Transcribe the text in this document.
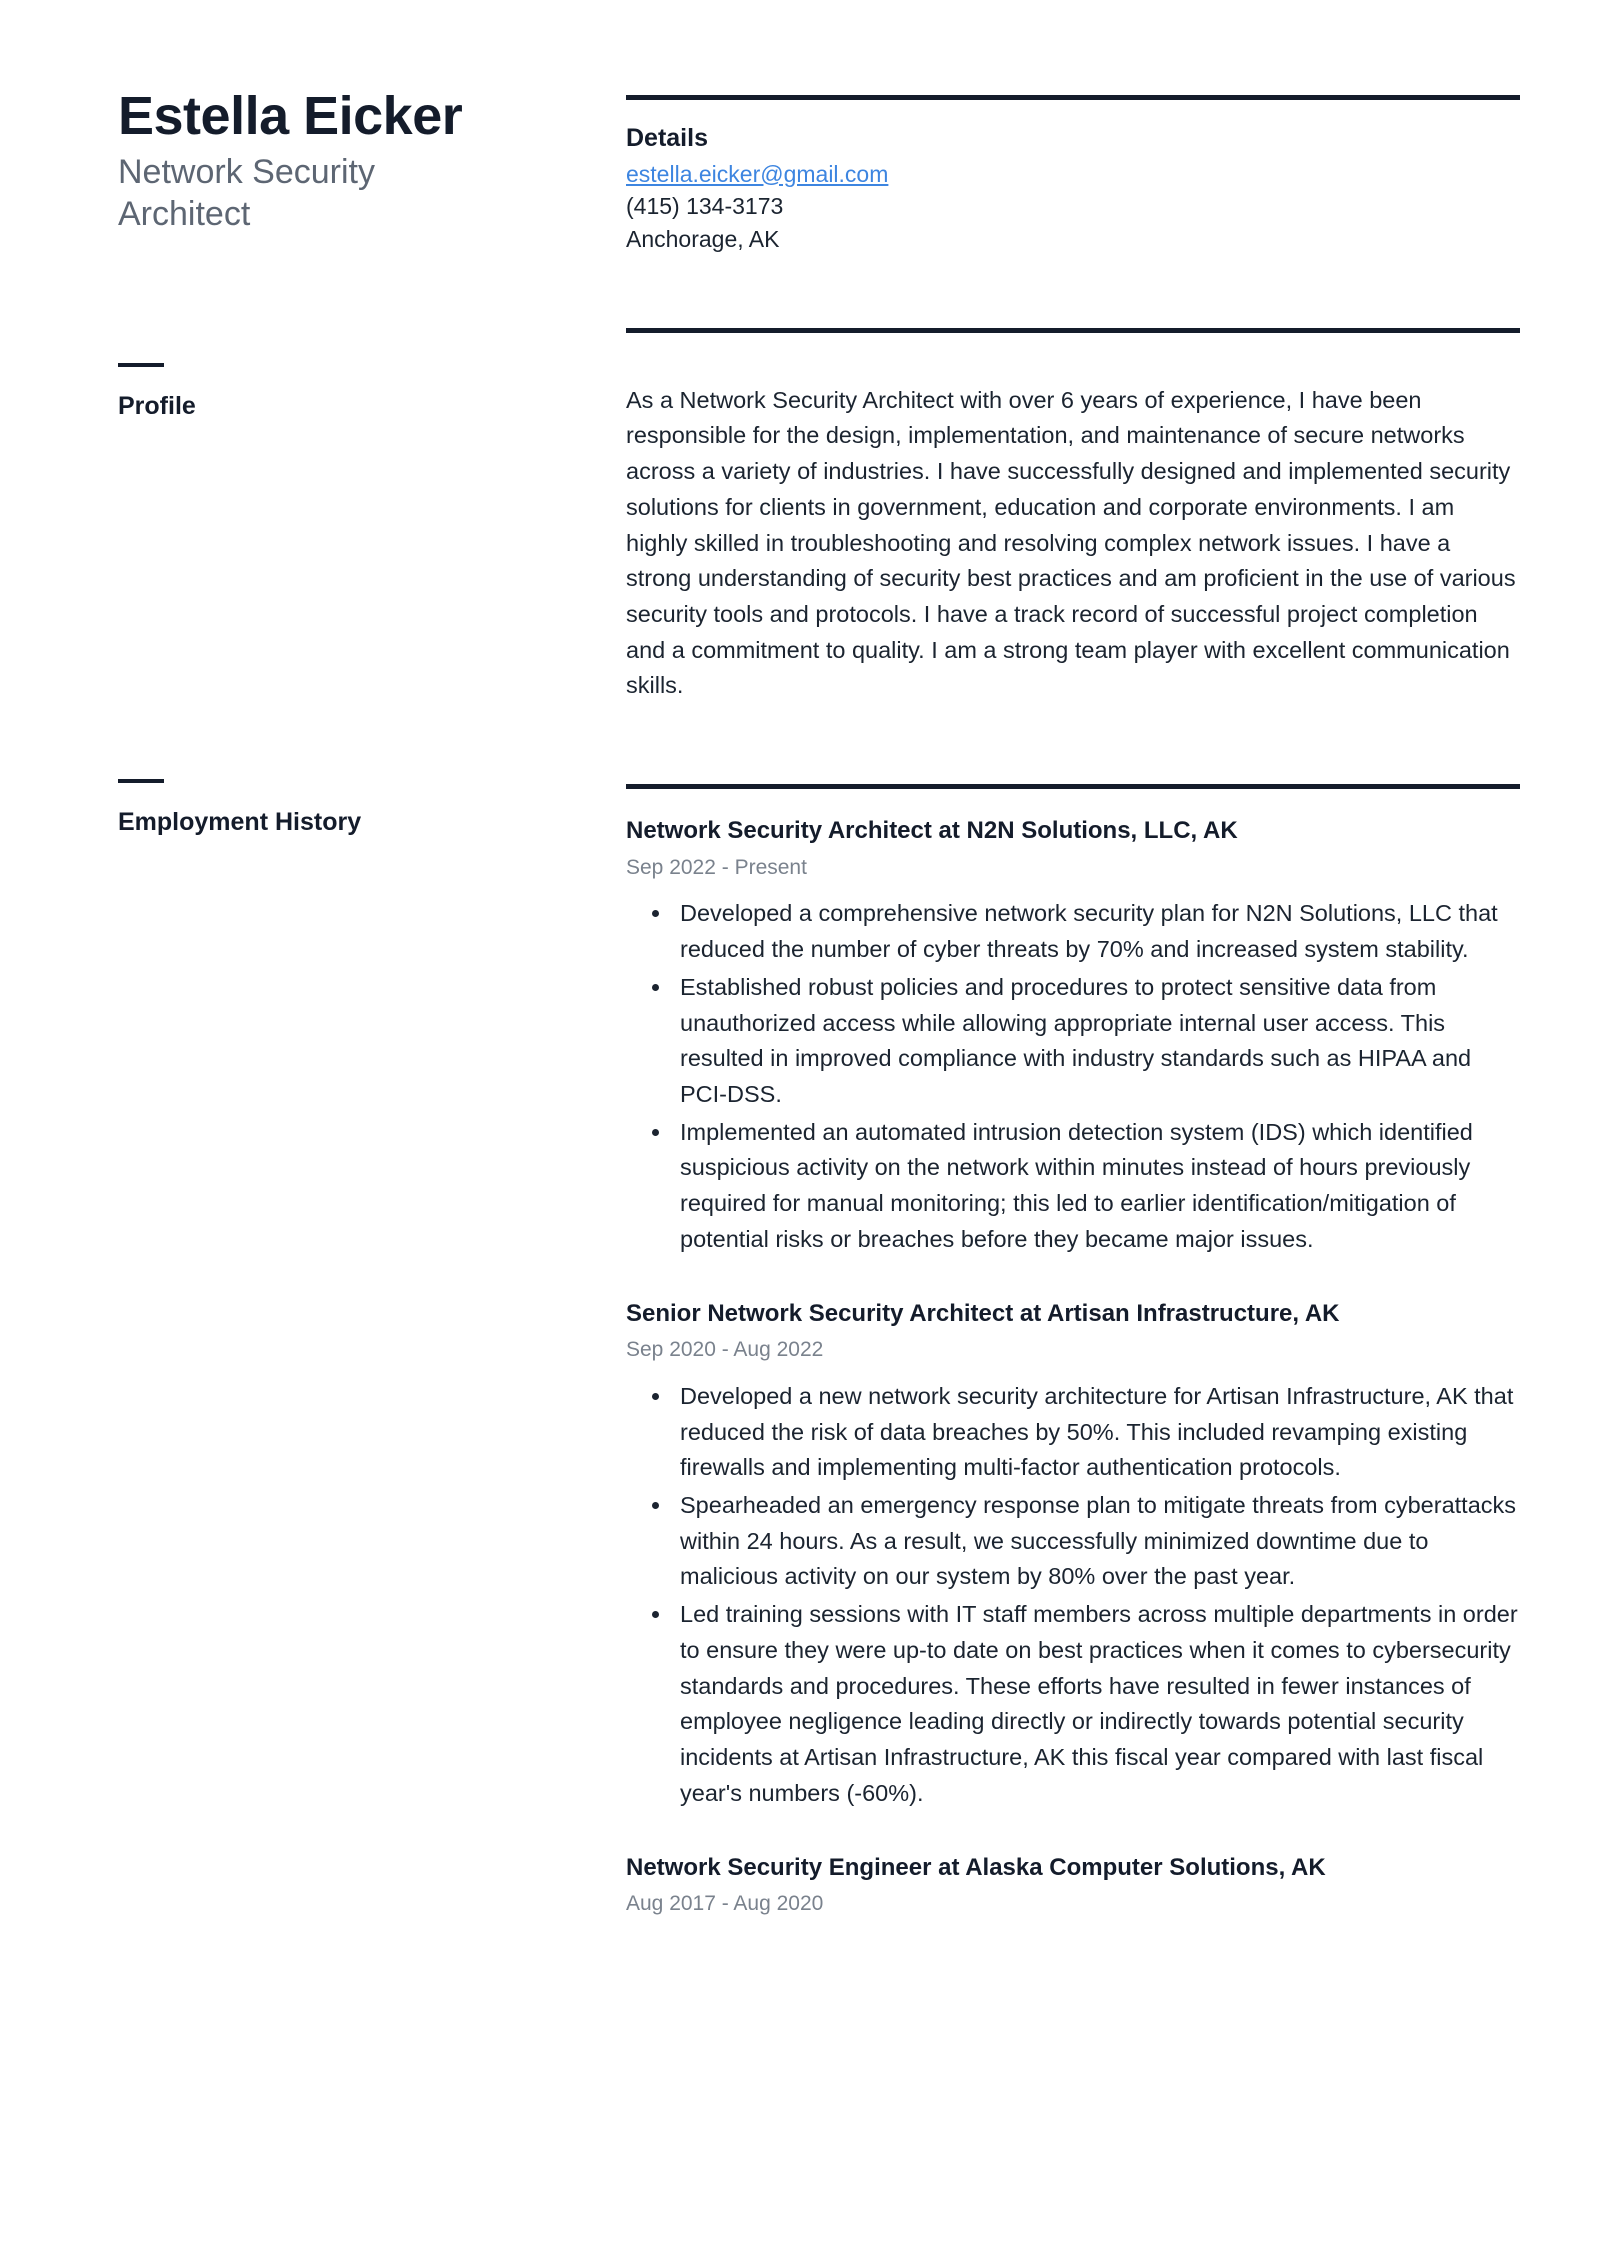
Estella Eicker
Network Security Architect
Profile
Employment History
Details
estella.eicker@gmail.com
(415) 134-3173
Anchorage, AK

As a Network Security Architect with over 6 years of experience, I have been responsible for the design, implementation, and maintenance of secure networks across a variety of industries. I have successfully designed and implemented security solutions for clients in government, education and corporate environments. I am highly skilled in troubleshooting and resolving complex network issues. I have a strong understanding of security best practices and am proficient in the use of various security tools and protocols. I have a track record of successful project completion and a commitment to quality. I am a strong team player with excellent communication skills.

Network Security Architect at N2N Solutions, LLC, AK
Sep 2022 - Present
Developed a comprehensive network security plan for N2N Solutions, LLC that reduced the number of cyber threats by 70% and increased system stability.
Established robust policies and procedures to protect sensitive data from unauthorized access while allowing appropriate internal user access. This resulted in improved compliance with industry standards such as HIPAA and PCI-DSS.
Implemented an automated intrusion detection system (IDS) which identified suspicious activity on the network within minutes instead of hours previously required for manual monitoring; this led to earlier identification/mitigation of potential risks or breaches before they became major issues.
Senior Network Security Architect at Artisan Infrastructure, AK
Sep 2020 - Aug 2022
Developed a new network security architecture for Artisan Infrastructure, AK that reduced the risk of data breaches by 50%. This included revamping existing firewalls and implementing multi-factor authentication protocols.
Spearheaded an emergency response plan to mitigate threats from cyberattacks within 24 hours. As a result, we successfully minimized downtime due to malicious activity on our system by 80% over the past year.
Led training sessions with IT staff members across multiple departments in order to ensure they were up-to date on best practices when it comes to cybersecurity standards and procedures. These efforts have resulted in fewer instances of employee negligence leading directly or indirectly towards potential security incidents at Artisan Infrastructure, AK this fiscal year compared with last fiscal year's numbers (-60%).
Network Security Engineer at Alaska Computer Solutions, AK
Aug 2017 - Aug 2020
